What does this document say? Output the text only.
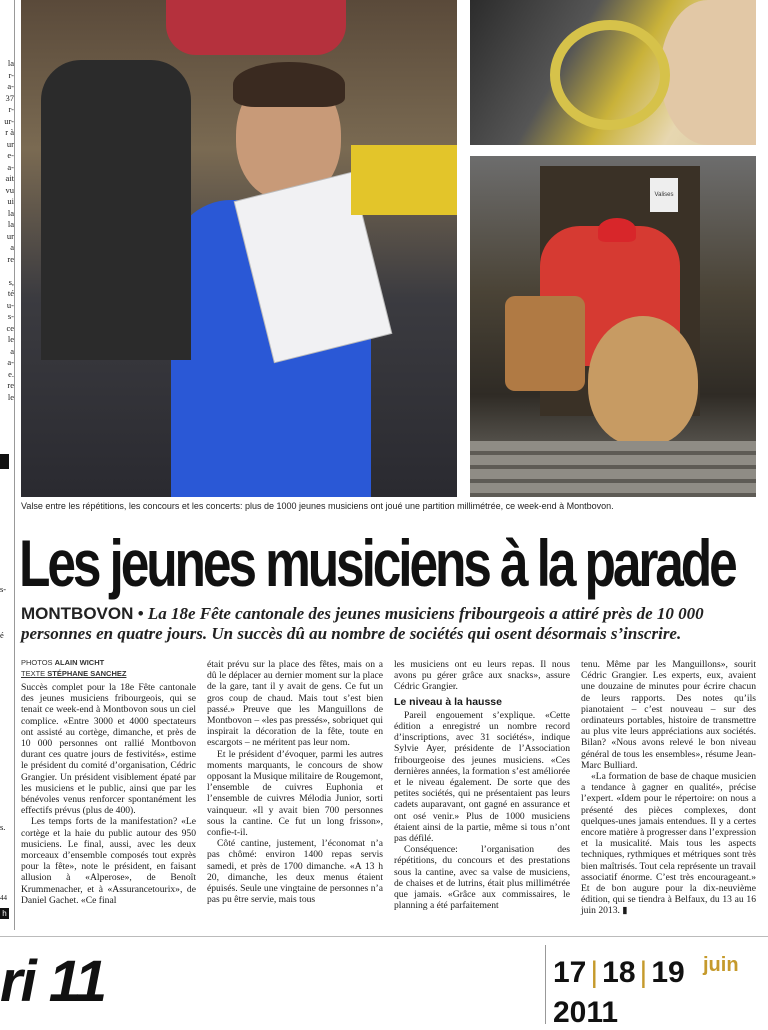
la
r-
a-
37
r-
ur-
r à
ur
e-
a-
ait
vu
ui
la
la
ur
a
re
s,
té
u-
s-
ce
le
a
a-
e.
re
le
s-
é
s.
44
h
Valises
Valse entre les répétitions, les concours et les concerts: plus de 1000 jeunes musiciens ont joué une partition millimétrée, ce week-end à Montbovon.
Les jeunes musiciens à la parade
MONTBOVON • La 18e Fête cantonale des jeunes musiciens fribourgeois a attiré près de 10 000 personnes en quatre jours. Un succès dû au nombre de sociétés qui osent désormais s’inscrire.
PHOTOS ALAIN WICHT
TEXTE STÉPHANE SANCHEZ

Succès complet pour la 18e Fête cantonale des jeunes musiciens fribourgeois, qui se tenait ce week-end à Montbovon sous un ciel complice. «Entre 3000 et 4000 spectateurs ont assisté au cortège, dimanche, et près de 10 000 personnes ont rallié Montbovon durant ces quatre jours de festivités», estime le président du comité d’organisation, Cédric Grangier. Un président visiblement épaté par les musiciens et le public, ainsi que par les bénévoles venus renforcer spontanément les effectifs prévus (plus de 400).

Les temps forts de la manifestation? «Le cortège et la haie du public autour des 950 musiciens. Le final, aussi, avec les deux morceaux d’ensemble composés tout exprès pour la fête», note le président, en faisant allusion à «Alperose», de Benoît Krummenacher, et à «Assurancetourix», de Daniel Gachet. «Ce final

était prévu sur la place des fêtes, mais on a dû le déplacer au dernier moment sur la place de la gare, tant il y avait de gens. Ce fut un gros coup de chaud. Mais tout s’est bien passé.» Preuve que les Manguillons de Montbovon – «les pas pressés», sobriquet qui inspirait la décoration de la fête, toute en escargots – ne méritent pas leur nom.

Et le président d’évoquer, parmi les autres moments marquants, le concours de show opposant la Musique militaire de Rougemont, l’ensemble de cuivres Euphonia et l’ensemble de cuivres Mélodia Junior, sorti vainqueur. «Il y avait bien 700 personnes sous la cantine. Ce fut un long frisson», confie-t-il.

Côté cantine, justement, l’économat n’a pas chômé: environ 1400 repas servis samedi, et près de 1700 dimanche. «A 13 h 20, dimanche, les deux menus étaient épuisés. Seule une vingtaine de personnes n’a pas pu être servie, mais tous

les musiciens ont eu leurs repas. Il nous avons pu gérer grâce aux snacks», assure Cédric Grangier.

Le niveau à la hausse

Pareil engouement s’explique. «Cette édition a enregistré un nombre record d’inscriptions, avec 31 sociétés», indique Sylvie Ayer, présidente de l’Association fribourgeoise des jeunes musiciens. «Ces dernières années, la formation s’est améliorée et le niveau également. De sorte que des petites sociétés, qui ne présentaient pas leurs cadets auparavant, ont gagné en assurance et ont osé venir.» Plus de 1000 musiciens étaient ainsi de la partie, même si tous n’ont pas défilé.

Conséquence: l’organisation des répétitions, du concours et des prestations sous la cantine, avec sa valse de musiciens, de chaises et de lutrins, était plus millimétrée que jamais. «Grâce aux commissaires, le planning a été parfaitement

tenu. Même par les Manguillons», sourit Cédric Grangier. Les experts, eux, avaient une douzaine de minutes pour écrire chacun de leurs rapports. Des notes qu’ils pianotaient – c’est nouveau – sur des ordinateurs portables, histoire de transmettre au plus vite leurs appréciations aux sociétés. Bilan? «Nous avons relevé le bon niveau général de tous les ensembles», résume Jean-Marc Bulliard.

«La formation de base de chaque musicien a tendance à gagner en qualité», précise l’expert. «Idem pour le répertoire: on nous a présenté des pièces complexes, dont quelques-unes jamais entendues. Il y a certes encore matière à progresser dans l’expression et la musicalité. Mais tous les aspects techniques, rythmiques et métriques sont très bien maîtrisés. Tout cela représente un travail associatif énorme. C’est très encourageant.» Et de bon augure pour la dix-neuvième édition, qui se tiendra à Belfaux, du 13 au 16 juin 2013. ▮

ri 11	17 | 18 | 19 juin
2011
